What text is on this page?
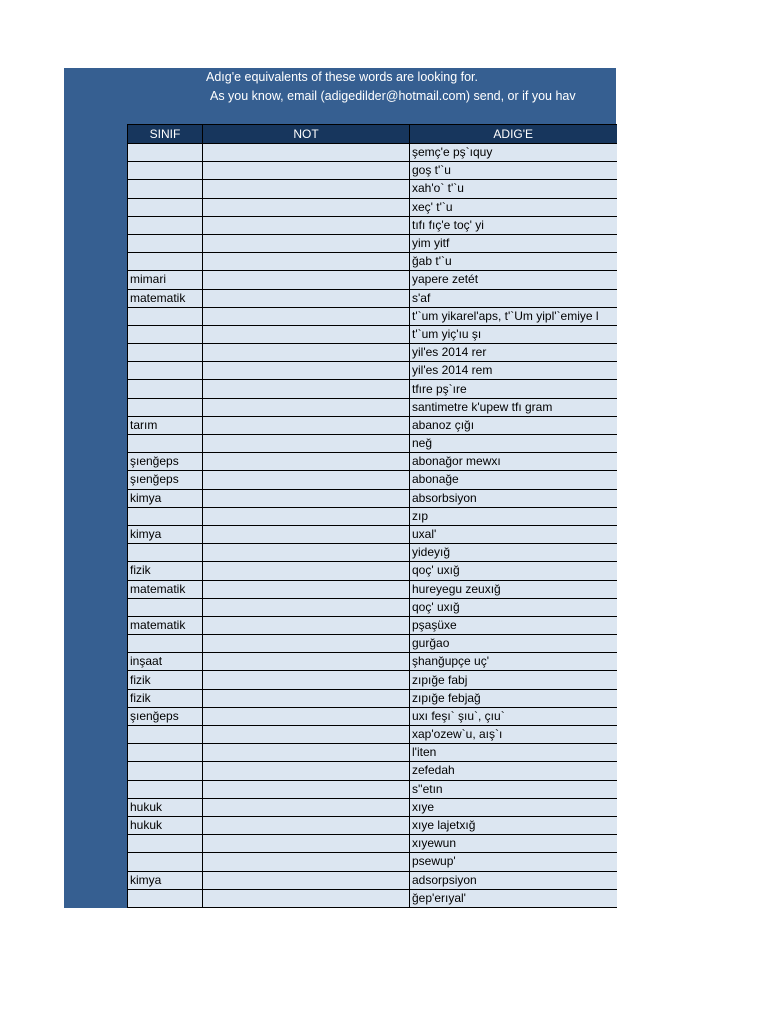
Adıg'e equivalents of these words are looking for.
As you know, email (adigedilder@hotmail.com) send, or if you hav
SINIF	NOT	ADIG'E
		şemç'e pş`ıquy
		goş t'`u
		xah'o` t'`u
		xeç' t'`u
		tıfı fıç'e toç' yi
		yim yitf
		ğab t'`u
mimari		yapere zetét
matematik		s'af
		t'`um yikarel'aps, t'`Um yipl'`emiye l
		t'`um yiç'ıu şı
		yil'es 2014 rer
		yil'es 2014 rem
		tfıre pş`ıre
		santimetre k'upew tfı gram
tarım		abanoz çığı
		neğ
şıenğeps		abonağor mewxı
şıenğeps		abonağe
kimya		absorbsiyon
		zıp
kimya		uxal'
		yideyığ
fizik		qoç' uxığ
matematik		hureyegu zeuxığ
		qoç' uxığ
matematik		pşaşüxe
		gurğao
inşaat		şhanğupçe uç'
fizik		zıpığe fabj
fizik		zıpığe febjağ
şıenğeps		uxı feşı` şıu`, çıu`
		xap'ozew`u, aış`ı
		l'iten
		zefedah
		s''etın
hukuk		xıye
hukuk		xıye lajetxığ
		xıyewun
		psewup'
kimya		adsorpsiyon
		ğep'erıyal'
